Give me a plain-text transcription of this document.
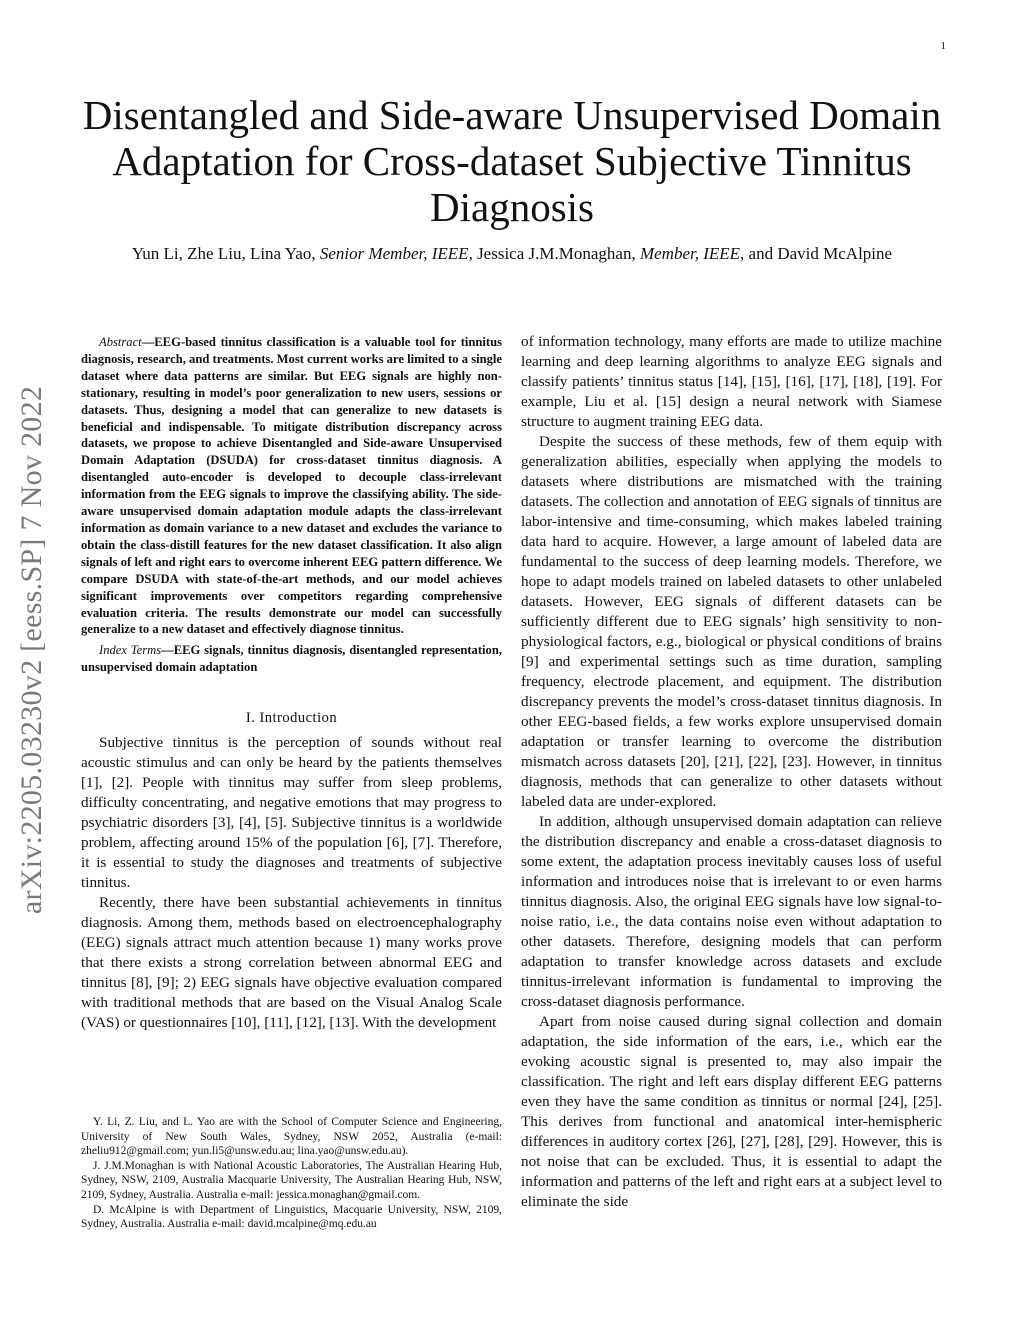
1
arXiv:2205.03230v2 [eess.SP] 7 Nov 2022
Disentangled and Side-aware Unsupervised Domain Adaptation for Cross-dataset Subjective Tinnitus Diagnosis
Yun Li, Zhe Liu, Lina Yao, Senior Member, IEEE, Jessica J.M.Monaghan, Member, IEEE, and David McAlpine

Abstract—EEG-based tinnitus classification is a valuable tool for tinnitus diagnosis, research, and treatments. Most current works are limited to a single dataset where data patterns are similar. But EEG signals are highly non-stationary, resulting in model’s poor generalization to new users, sessions or datasets. Thus, designing a model that can generalize to new datasets is beneficial and indispensable. To mitigate distribution discrepancy across datasets, we propose to achieve Disentangled and Side-aware Unsupervised Domain Adaptation (DSUDA) for cross-dataset tinnitus diagnosis. A disentangled auto-encoder is developed to decouple class-irrelevant information from the EEG signals to improve the classifying ability. The side-aware unsupervised domain adaptation module adapts the class-irrelevant information as domain variance to a new dataset and excludes the variance to obtain the class-distill features for the new dataset classification. It also align signals of left and right ears to overcome inherent EEG pattern difference. We compare DSUDA with state-of-the-art methods, and our model achieves significant improvements over competitors regarding comprehensive evaluation criteria. The results demonstrate our model can successfully generalize to a new dataset and effectively diagnose tinnitus.

Index Terms—EEG signals, tinnitus diagnosis, disentangled representation, unsupervised domain adaptation

I. Introduction

Subjective tinnitus is the perception of sounds without real acoustic stimulus and can only be heard by the patients themselves [1], [2]. People with tinnitus may suffer from sleep problems, difficulty concentrating, and negative emotions that may progress to psychiatric disorders [3], [4], [5]. Subjective tinnitus is a worldwide problem, affecting around 15% of the population [6], [7]. Therefore, it is essential to study the diagnoses and treatments of subjective tinnitus.

Recently, there have been substantial achievements in tinnitus diagnosis. Among them, methods based on electroencephalography (EEG) signals attract much attention because 1) many works prove that there exists a strong correlation between abnormal EEG and tinnitus [8], [9]; 2) EEG signals have objective evaluation compared with traditional methods that are based on the Visual Analog Scale (VAS) or questionnaires [10], [11], [12], [13]. With the development

of information technology, many efforts are made to utilize machine learning and deep learning algorithms to analyze EEG signals and classify patients’ tinnitus status [14], [15], [16], [17], [18], [19]. For example, Liu et al. [15] design a neural network with Siamese structure to augment training EEG data.

Despite the success of these methods, few of them equip with generalization abilities, especially when applying the models to datasets where distributions are mismatched with the training datasets. The collection and annotation of EEG signals of tinnitus are labor-intensive and time-consuming, which makes labeled training data hard to acquire. However, a large amount of labeled data are fundamental to the success of deep learning models. Therefore, we hope to adapt models trained on labeled datasets to other unlabeled datasets. However, EEG signals of different datasets can be sufficiently different due to EEG signals’ high sensitivity to non-physiological factors, e.g., biological or physical conditions of brains [9] and experimental settings such as time duration, sampling frequency, electrode placement, and equipment. The distribution discrepancy prevents the model’s cross-dataset tinnitus diagnosis. In other EEG-based fields, a few works explore unsupervised domain adaptation or transfer learning to overcome the distribution mismatch across datasets [20], [21], [22], [23]. However, in tinnitus diagnosis, methods that can generalize to other datasets without labeled data are under-explored.

In addition, although unsupervised domain adaptation can relieve the distribution discrepancy and enable a cross-dataset diagnosis to some extent, the adaptation process inevitably causes loss of useful information and introduces noise that is irrelevant to or even harms tinnitus diagnosis. Also, the original EEG signals have low signal-to-noise ratio, i.e., the data contains noise even without adaptation to other datasets. Therefore, designing models that can perform adaptation to transfer knowledge across datasets and exclude tinnitus-irrelevant information is fundamental to improving the cross-dataset diagnosis performance.

Apart from noise caused during signal collection and domain adaptation, the side information of the ears, i.e., which ear the evoking acoustic signal is presented to, may also impair the classification. The right and left ears display different EEG patterns even they have the same condition as tinnitus or normal [24], [25]. This derives from functional and anatomical inter-hemispheric differences in auditory cortex [26], [27], [28], [29]. However, this is not noise that can be excluded. Thus, it is essential to adapt the information and patterns of the left and right ears at a subject level to eliminate the side

Y. Li, Z. Liu, and L. Yao are with the School of Computer Science and Engineering, University of New South Wales, Sydney, NSW 2052, Australia (e-mail: zheliu912@gmail.com; yun.li5@unsw.edu.au; lina.yao@unsw.edu.au).

J. J.M.Monaghan is with National Acoustic Laboratories, The Australian Hearing Hub, Sydney, NSW, 2109, Australia Macquarie University, The Australian Hearing Hub, NSW, 2109, Sydney, Australia. Australia e-mail: jessica.monaghan@gmail.com.

D. McAlpine is with Department of Linguistics, Macquarie University, NSW, 2109, Sydney, Australia. Australia e-mail: david.mcalpine@mq.edu.au
